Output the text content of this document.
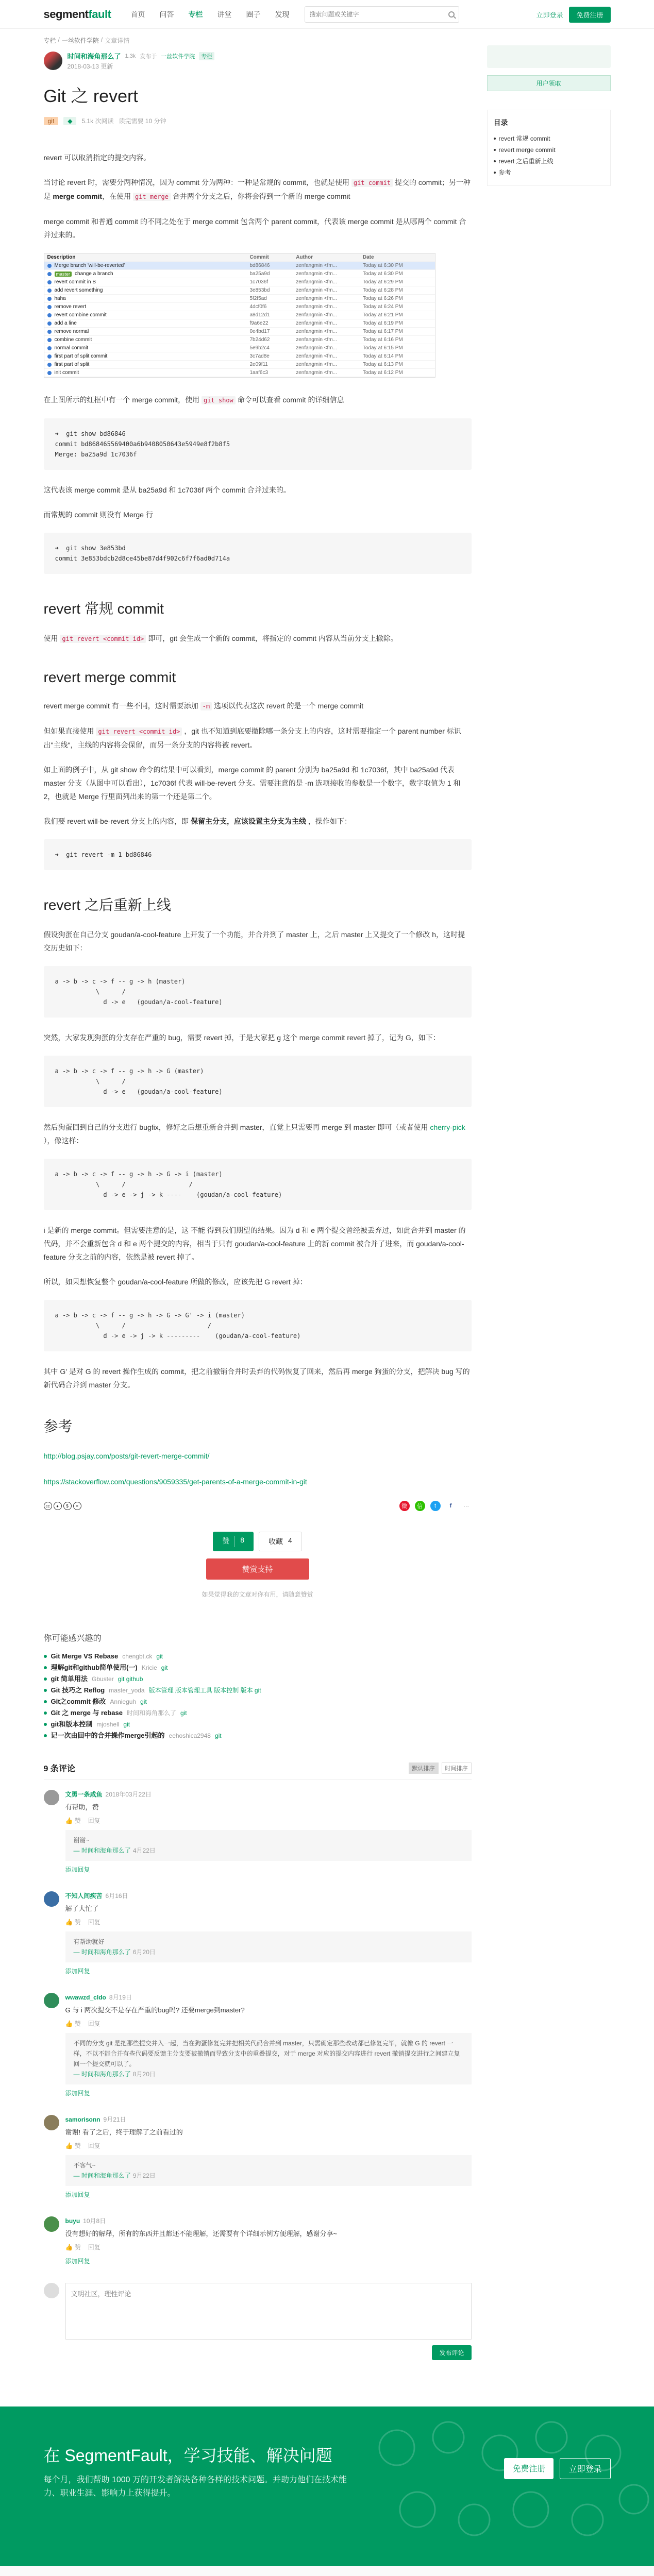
segmentfault	首页	问答	专栏	讲堂	圈子	发现
搜索问题或关键字	立即登录	免费注册
专栏 / 一丝软件学院 / 文章详情
时间和海角那么了 1.3k 发布于 一丝软件学院	专栏
2018-03-13 更新
Git 之 revert
git	◆	5.1k 次阅读 读完需要 10 分钟

revert 可以取消指定的提交内容。

当讨论 revert 时，需要分两种情况，因为 commit 分为两种：一种是常规的 commit，也就是使用 git commit 提交的 commit；另一种是 merge commit，在使用 git merge 合并两个分支之后，你将会得到一个新的 merge commit

merge commit 和普通 commit 的不同之处在于 merge commit 包含两个 parent commit，代表该 merge commit 是从哪两个 commit 合并过来的。

Description	Commit	Author	Date
Merge branch 'will-be-reverted'	bd86846	zenfangmin <fm...	Today at 6:30 PM
master change a branch	ba25a9d	zenfangmin <fm...	Today at 6:30 PM
revert commit in B	1c7036f	zenfangmin <fm...	Today at 6:29 PM
add revert something	3e853bd	zenfangmin <fm...	Today at 6:28 PM
haha	5f2f5ad	zenfangmin <fm...	Today at 6:26 PM
remove revert	4dcf0f6	zenfangmin <fm...	Today at 6:24 PM
revert combine commit	a8d12d1	zenfangmin <fm...	Today at 6:21 PM
add a line	f9a6e22	zenfangmin <fm...	Today at 6:19 PM
remove normal	0e4bd17	zenfangmin <fm...	Today at 6:17 PM
combine commit	7b24d62	zenfangmin <fm...	Today at 6:16 PM
normal commit	5e9b2c4	zenfangmin <fm...	Today at 6:15 PM
first part of split commit	3c7ad8e	zenfangmin <fm...	Today at 6:14 PM
first part of split	2e09f11	zenfangmin <fm...	Today at 6:13 PM
init commit	1aaf6c3	zenfangmin <fm...	Today at 6:12 PM

在上图所示的红框中有一个 merge commit，使用 git show 命令可以查看 commit 的详细信息

➜  git show bd86846
commit bd868465569400a6b9408050643e5949e8f2b8f5
Merge: ba25a9d 1c7036f

这代表该 merge commit 是从 ba25a9d 和 1c7036f 两个 commit 合并过来的。

而常规的 commit 则没有 Merge 行

➜  git show 3e853bd
commit 3e853bdcb2d8ce45be87d4f902c6f7f6ad0d714a
revert 常规 commit

使用 git revert <commit id> 即可，git 会生成一个新的 commit，将指定的 commit 内容从当前分支上撤除。

revert merge commit

revert merge commit 有一些不同，这时需要添加 -m 选项以代表这次 revert 的是一个 merge commit

但如果直接使用 git revert <commit id> ，git 也不知道到底要撤除哪一条分支上的内容，这时需要指定一个 parent number 标识出"主线"，主线的内容将会保留，而另一条分支的内容将被 revert。

如上面的例子中，从 git show 命令的结果中可以看到，merge commit 的 parent 分别为 ba25a9d 和 1c7036f，其中 ba25a9d 代表 master 分支（从图中可以看出），1c7036f 代表 will-be-revert 分支。需要注意的是 -m 选项接收的参数是一个数字，数字取值为 1 和 2，也就是 Merge 行里面列出来的第一个还是第二个。

我们要 revert will-be-revert 分支上的内容，即 保留主分支，应该设置主分支为主线 ，操作如下：

➜  git revert -m 1 bd86846
revert 之后重新上线

假设狗蛋在自己分支 goudan/a-cool-feature 上开发了一个功能，并合并到了 master 上，之后 master 上又提交了一个修改 h，这时提交历史如下：

a -> b -> c -> f -- g -> h (master)
\      /
d -> e   (goudan/a-cool-feature)

突然，大家发现狗蛋的分支存在严重的 bug，需要 revert 掉，于是大家把 g 这个 merge commit revert 掉了，记为 G，如下：

a -> b -> c -> f -- g -> h -> G (master)
\      /
d -> e   (goudan/a-cool-feature)

然后狗蛋回到自己的分支进行 bugfix，修好之后想重新合并到 master，直觉上只需要再 merge 到 master 即可（或者使用 cherry-pick ），像这样：

a -> b -> c -> f -- g -> h -> G -> i (master)
\      /                 /
d -> e -> j -> k ----    (goudan/a-cool-feature)

i 是新的 merge commit。但需要注意的是，这 不能 得到我们期望的结果。因为 d 和 e 两个提交曾经被丢弃过，如此合并到 master 的代码，并不会重新包含 d 和 e 两个提交的内容，相当于只有 goudan/a-cool-feature 上的新 commit 被合并了进来，而 goudan/a-cool-feature 分支之前的内容，依然是被 revert 掉了。

所以，如果想恢复整个 goudan/a-cool-feature 所做的修改，应该先把 G revert 掉：

a -> b -> c -> f -- g -> h -> G -> G' -> i (master)
\      /                      /
d -> e -> j -> k ---------    (goudan/a-cool-feature)

其中 G' 是对 G 的 revert 操作生成的 commit，把之前撤销合并时丢弃的代码恢复了回来，然后再 merge 狗蛋的分支，把解决 bug 写的新代码合并到 master 分支。

参考

http://blog.psjay.com/posts/git-revert-merge-commit/

https://stackoverflow.com/questions/9059335/get-parents-of-a-merge-commit-in-git

cc	●	$	=	微	信	t	f	⋯
赞	8	收藏 4
赞赏支持
如果觉得我的文章对你有用，请随意赞赏
你可能感兴趣的
Git Merge VS Rebase chengbt.ck git
理解git和github简单使用(一) Kricie git
git 简单用法 Gbuster git github
Git 技巧之 Reflog master_yoda 版本管理 版本管理工具 版本控制 版本 git
Git之commit 修改 Annieguh git
Git 之 merge 与 rebase 时间和海角那么了 git
git和版本控制 mjoshell git
记一次由回中的合并操作merge引起的 eehoshica2948 git
9 条评论	默认排序	时间排序
文勇一条咸鱼 2018年03月22日
有帮助，赞
👍 赞 回复
谢谢~
— 时间和海角那么了 4月22日
添加回复
不知人间疾苦 6月16日
解了大忙了
👍 赞 回复
有帮助就好
— 时间和海角那么了 6月20日
添加回复
wwawzd_cldo 8月19日
G 与 i 两次提交不是存在严重的bug吗? 还要merge到master?
👍 赞 回复
不同的分支 git 是把那些提交并入一起，当在狗蛋修复完并把相关代码合并到 master，只需确定那些改动都已修复完毕，就像 G 的 revert 一样，不以不能合并有些代码要反馈主分支要被撤销而导致分支中的重叠提交，对于 merge 对应的提交内容进行 revert 撤销提交进行之间建立复回一个提交就可以了。
— 时间和海角那么了 8月20日
添加回复
samorisonn 9月21日
谢谢! 看了之后，终于理解了之前看过的
👍 赞 回复
不客气~
— 时间和海角那么了 9月22日
添加回复
buyu 10月8日
没有想好的解释，所有的东西并且都还不能理解，还需要有个详细示例方便理解，感谢分享~
👍 赞 回复
添加回复
文明社区，理性评论
发布评论
用户领取
目录
revert 常规 commit
revert merge commit
revert 之后重新上线
参考
在 SegmentFault，学习技能、解决问题

每个月，我们帮助 1000 万的开发者解决各种各样的技术问题。并助力他们在技术能力、职业生涯、影响力上获得提升。

免费注册	立即登录
